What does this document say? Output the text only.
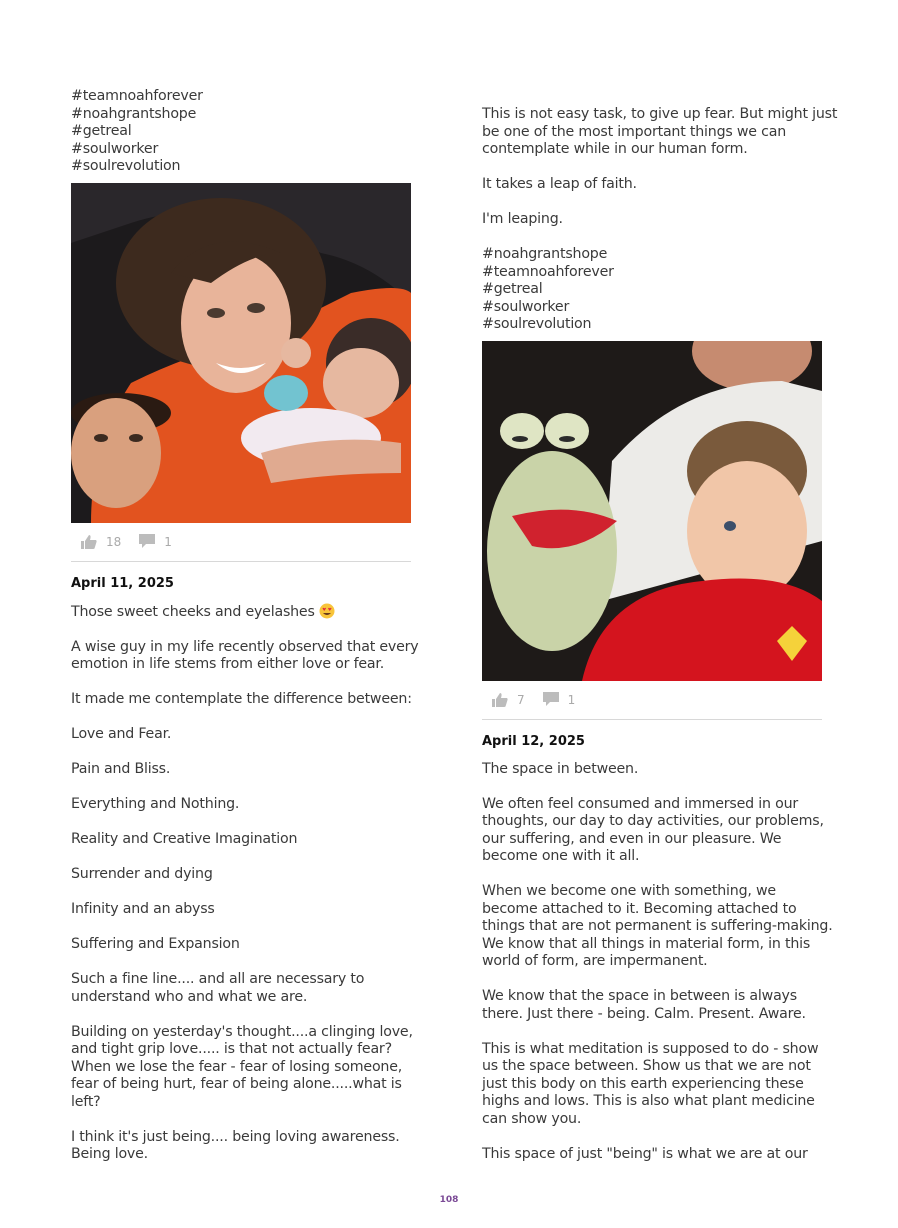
#teamnoahforever
#noahgrantshope
#getreal
#soulworker
#soulrevolution
18	1
April 11, 2025
Those sweet cheeks and eyelashes
A wise guy in my life recently observed that every
emotion in life stems from either love or fear.
It made me contemplate the difference between:
Love and Fear.
Pain and Bliss.
Everything and Nothing.
Reality and Creative Imagination
Surrender and dying
Infinity and an abyss
Suffering and Expansion
Such a fine line.... and all are necessary to
understand who and what we are.
Building on yesterday's thought....a clinging love,
and tight grip love..... is that not actually fear?
When we lose the fear - fear of losing someone,
fear of being hurt, fear of being alone.....what is
left?
I think it's just being.... being loving awareness.
Being love.
This is not easy task, to give up fear. But might just
be one of the most important things we can
contemplate while in our human form.
It takes a leap of faith.
I'm leaping.
#noahgrantshope
#teamnoahforever
#getreal
#soulworker
#soulrevolution
7	1
April 12, 2025
The space in between.
We often feel consumed and immersed in our
thoughts, our day to day activities, our problems,
our suffering, and even in our pleasure. We
become one with it all.
When we become one with something, we
become attached to it. Becoming attached to
things that are not permanent is suffering-making.
We know that all things in material form, in this
world of form, are impermanent.
We know that the space in between is always
there. Just there - being. Calm. Present. Aware.
This is what meditation is supposed to do - show
us the space between. Show us that we are not
just this body on this earth experiencing these
highs and lows. This is also what plant medicine
can show you.
This space of just "being" is what we are at our
108
